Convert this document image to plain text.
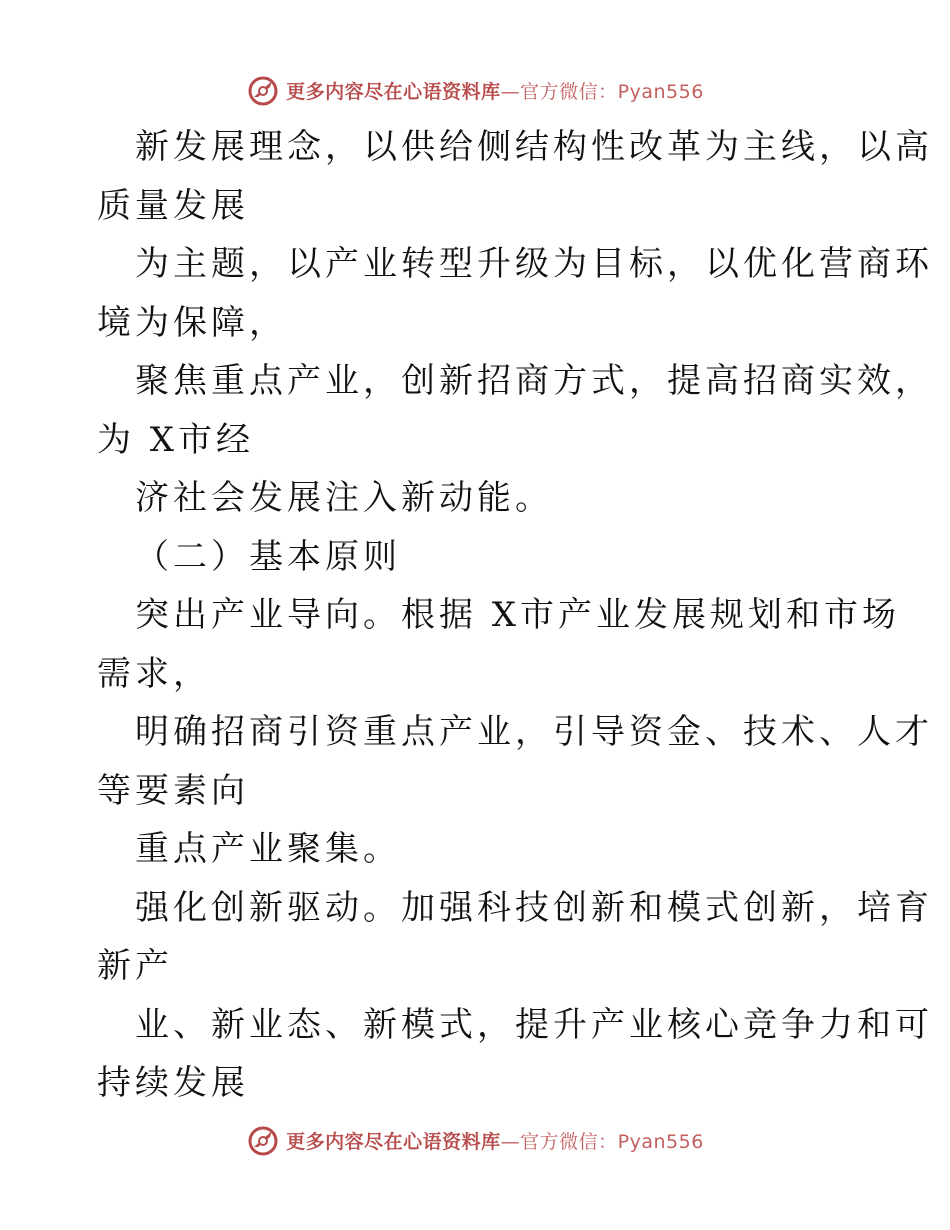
更多内容尽在心语资料库—官方微信：Pyan556
新发展理念，以供给侧结构性改革为主线，以高
质量发展
为主题，以产业转型升级为目标，以优化营商环
境为保障，
聚焦重点产业，创新招商方式，提高招商实效，
为 X市经
济社会发展注入新动能。
（二）基本原则
突出产业导向。根据 X市产业发展规划和市场
需求，
明确招商引资重点产业，引导资金、技术、人才
等要素向
重点产业聚集。
强化创新驱动。加强科技创新和模式创新，培育
新产
业、新业态、新模式，提升产业核心竞争力和可
持续发展
更多内容尽在心语资料库—官方微信：Pyan556
